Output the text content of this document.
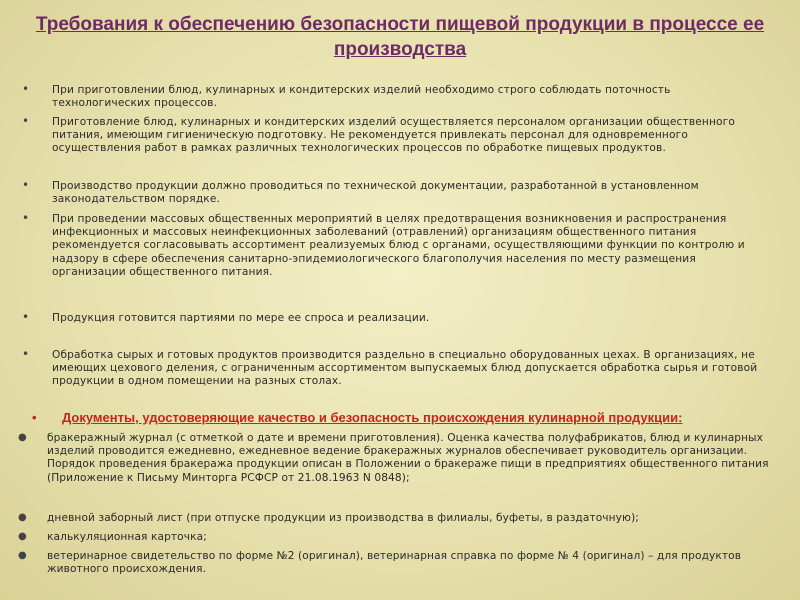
Требования к обеспечению безопасности пищевой продукции в процессе ее производства
• При приготовлении блюд, кулинарных и кондитерских изделий необходимо строго соблюдать поточность технологических процессов.
• Приготовление блюд, кулинарных и кондитерских изделий осуществляется персоналом организации общественного питания, имеющим гигиеническую подготовку. Не рекомендуется привлекать персонал для одновременного осуществления работ в рамках различных технологических процессов по обработке пищевых продуктов.
• Производство продукции должно проводиться по технической документации, разработанной в установленном законодательством порядке.
• При проведении массовых общественных мероприятий в целях предотвращения возникновения и распространения инфекционных и массовых неинфекционных заболеваний (отравлений) организациям общественного питания рекомендуется согласовывать ассортимент реализуемых блюд с органами, осуществляющими функции по контролю и надзору в сфере обеспечения санитарно-эпидемиологического благополучия населения по месту размещения организации общественного питания.
• Продукция готовится партиями по мере ее спроса и реализации.
• Обработка сырых и готовых продуктов производится раздельно в специально оборудованных цехах. В организациях, не имеющих цехового деления, с ограниченным ассортиментом выпускаемых блюд допускается обработка сырья и готовой продукции в одном помещении на разных столах.
• Документы, удостоверяющие качество и безопасность происхождения кулинарной продукции:
● бракеражный журнал (с отметкой о дате и времени приготовления). Оценка качества полуфабрикатов, блюд и кулинарных изделий проводится ежедневно, ежедневное ведение бракеражных журналов обеспечивает руководитель организации. Порядок проведения бракеража продукции описан в Положении о бракераже пищи в предприятиях общественного питания (Приложение к Письму Минторга РСФСР от 21.08.1963 N 0848);
● дневной заборный лист (при отпуске продукции из производства в филиалы, буфеты, в раздаточную);
● калькуляционная карточка;
● ветеринарное свидетельство по форме №2 (оригинал), ветеринарная справка по форме № 4 (оригинал) – для продуктов животного происхождения.
